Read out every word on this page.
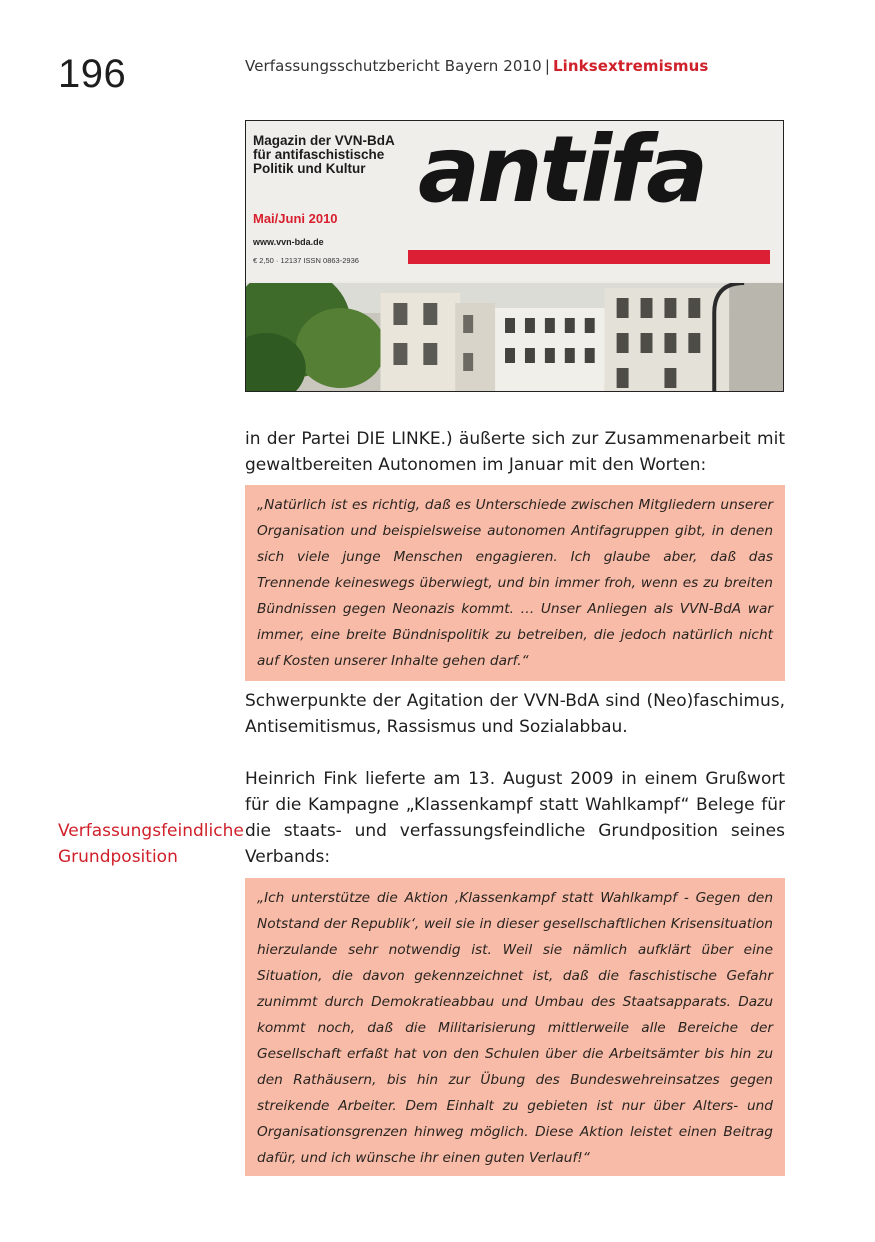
196	Verfassungsschutzbericht Bayern 2010 | Linksextremismus
Magazin der VVN-BdA für antifaschistische Politik und Kultur
Mai/Juni 2010
www.vvn-bda.de
€ 2,50 · 12137 ISSN 0863-2936
antifa
in der Partei DIE LINKE.) äußerte sich zur Zusammenarbeit mit gewaltbereiten Autonomen im Januar mit den Worten:
„Natürlich ist es richtig, daß es Unterschiede zwischen Mitgliedern unserer Organisation und beispielsweise autonomen Antifagruppen gibt, in denen sich viele junge Menschen engagieren. Ich glaube aber, daß das Trennende keineswegs überwiegt, und bin immer froh, wenn es zu breiten Bündnissen gegen Neonazis kommt. … Unser Anliegen als VVN-BdA war immer, eine breite Bündnispolitik zu betreiben, die jedoch natürlich nicht auf Kosten unserer Inhalte gehen darf.“
Schwerpunkte der Agitation der VVN-BdA sind (Neo)faschimus, Antisemitismus, Rassismus und Sozialabbau.
Verfassungsfeindliche Grundposition
Heinrich Fink lieferte am 13. August 2009 in einem Grußwort für die Kampagne „Klassenkampf statt Wahlkampf“ Belege für die staats- und verfassungsfeindliche Grundposition seines Verbands:
„Ich unterstütze die Aktion ‚Klassenkampf statt Wahlkampf - Gegen den Notstand der Republik‘, weil sie in dieser gesellschaftlichen Krisensituation hierzulande sehr notwendig ist. Weil sie nämlich aufklärt über eine Situation, die davon gekennzeichnet ist, daß die faschistische Gefahr zunimmt durch Demokratieabbau und Umbau des Staatsapparats. Dazu kommt noch, daß die Militarisierung mittlerweile alle Bereiche der Gesellschaft erfaßt hat von den Schulen über die Arbeitsämter bis hin zu den Rathäusern, bis hin zur Übung des Bundeswehreinsatzes gegen streikende Arbeiter. Dem Einhalt zu gebieten ist nur über Alters- und Organisationsgrenzen hinweg möglich. Diese Aktion leistet einen Beitrag dafür, und ich wünsche ihr einen guten Verlauf!“
